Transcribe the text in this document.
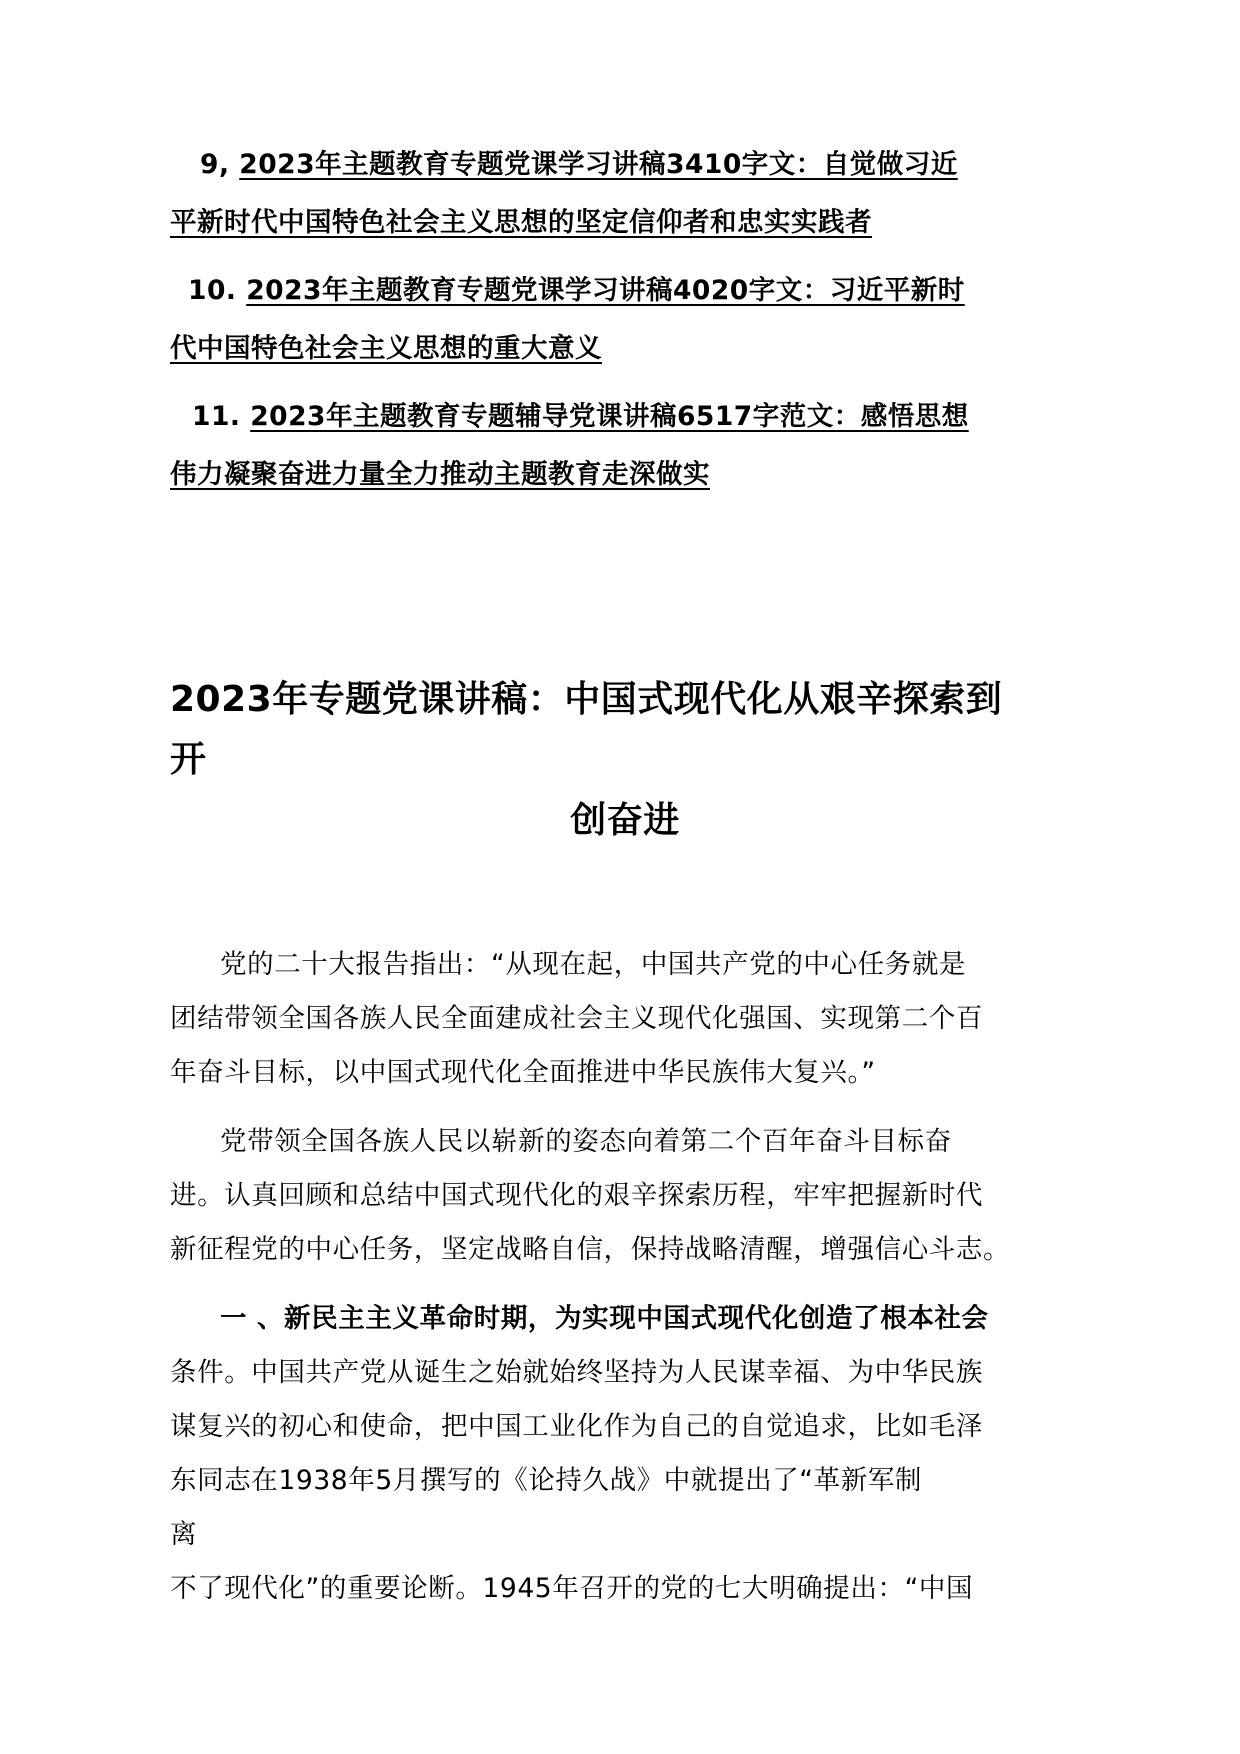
9, 2023年主题教育专题党课学习讲稿3410字文：自觉做习近
平新时代中国特色社会主义思想的坚定信仰者和忠实实践者
10. 2023年主题教育专题党课学习讲稿4020字文：习近平新时
代中国特色社会主义思想的重大意义
11. 2023年主题教育专题辅导党课讲稿6517字范文：感悟思想
伟力凝聚奋进力量全力推动主题教育走深做实
2023年专题党课讲稿：中国式现代化从艰辛探索到
开
创奋进
党的二十大报告指出：“从现在起，中国共产党的中心任务就是
团结带领全国各族人民全面建成社会主义现代化强国、实现第二个百
年奋斗目标，以中国式现代化全面推进中华民族伟大复兴。”
党带领全国各族人民以崭新的姿态向着第二个百年奋斗目标奋
进。认真回顾和总结中国式现代化的艰辛探索历程，牢牢把握新时代
新征程党的中心任务，坚定战略自信，保持战略清醒，增强信心斗志。
一 、新民主主义革命时期，为实现中国式现代化创造了根本社会
条件。中国共产党从诞生之始就始终坚持为人民谋幸福、为中华民族
谋复兴的初心和使命，把中国工业化作为自己的自觉追求，比如毛泽
东同志在1938年5月撰写的《论持久战》中就提出了“革新军制
离
不了现代化”的重要论断。1945年召开的党的七大明确提出：“中国
